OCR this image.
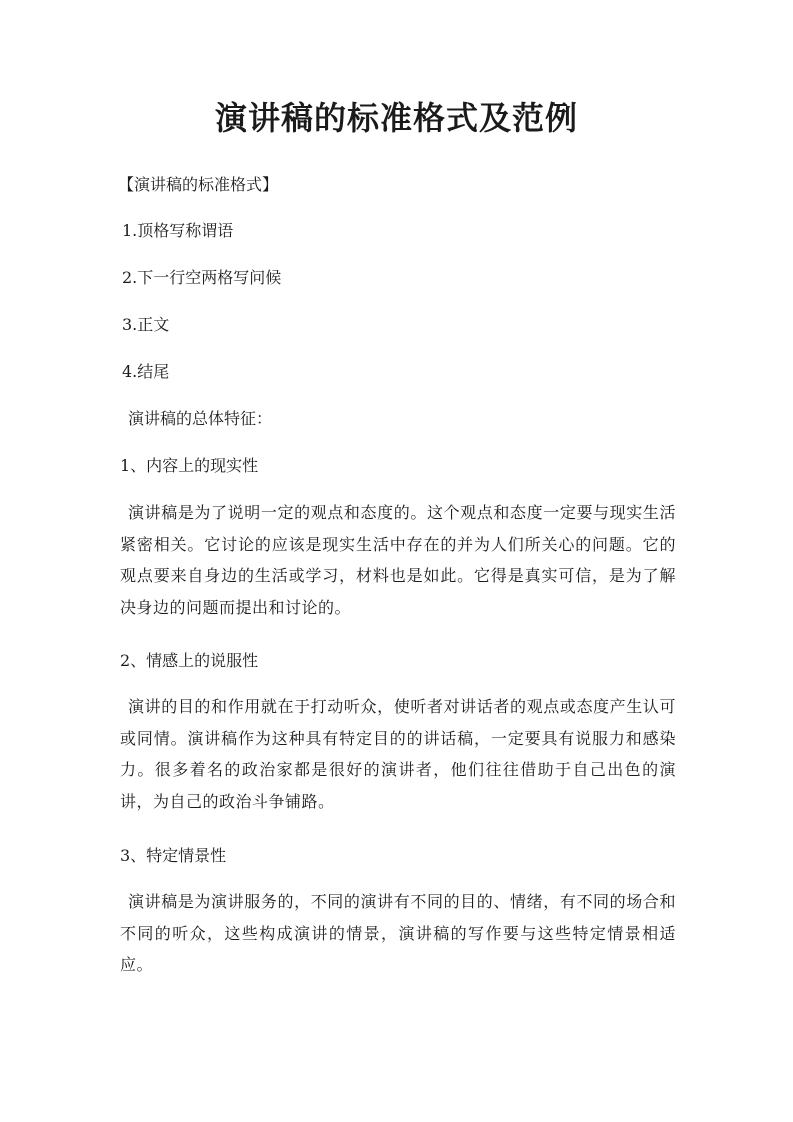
演讲稿的标准格式及范例

【演讲稿的标准格式】

1.顶格写称谓语

2.下一行空两格写问候

3.正文

4.结尾

演讲稿的总体特征：

1、内容上的现实性

演讲稿是为了说明一定的观点和态度的。这个观点和态度一定要与现实生活紧密相关。它讨论的应该是现实生活中存在的并为人们所关心的问题。它的观点要来自身边的生活或学习，材料也是如此。它得是真实可信，是为了解决身边的问题而提出和讨论的。

2、情感上的说服性

演讲的目的和作用就在于打动听众，使听者对讲话者的观点或态度产生认可或同情。演讲稿作为这种具有特定目的的讲话稿，一定要具有说服力和感染力。很多着名的政治家都是很好的演讲者，他们往往借助于自己出色的演讲，为自己的政治斗争铺路。

3、特定情景性

演讲稿是为演讲服务的，不同的演讲有不同的目的、情绪，有不同的场合和不同的听众，这些构成演讲的情景，演讲稿的写作要与这些特定情景相适应。
